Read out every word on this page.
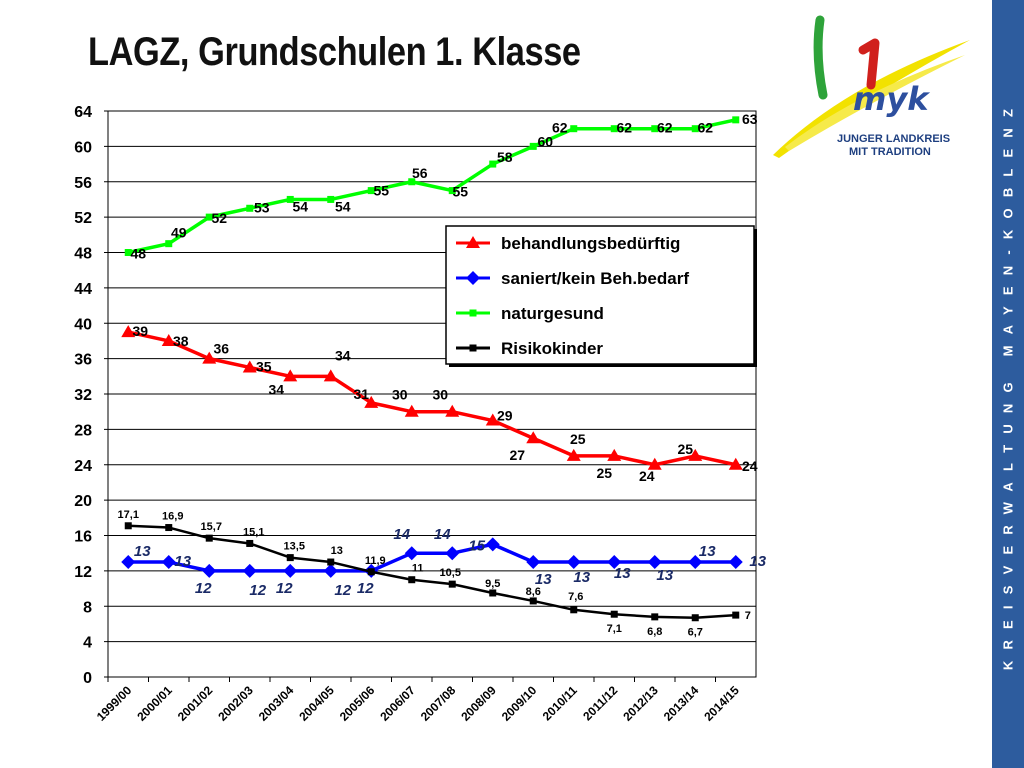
LAGZ, Grundschulen 1. Klasse
0
4
8
12
16
20
24
28
32
36
40
44
48
52
56
60
64
1999/00 2000/01 2001/02 2002/03 2003/04 2004/05 2005/06 2006/07 2007/08 2008/09 2009/10 2010/11 2011/12 2012/13 2013/14 2014/15
39
38 36
35
34
34
31 30 30
29
27
25
25 24
25
24
13
13
12	12 12	12 12
14 14
15
13 13 13 13
13
13
48
49
52
53 54 54
55
56
55
58
60
62	62 62 62
63
17,1 16,9
15,7 15,1
13,5 13
11,9
11 10,5
9,5
8,6 7,6
7,1 6,8 6,7
7
behandlungsbedürftig
saniert/kein Beh.bedarf
naturgesund
Risikokinder
myk
JUNGER LANDKREIS
MIT TRADITION	KREISVERWALTUNG MAYEN-KOBLENZ
